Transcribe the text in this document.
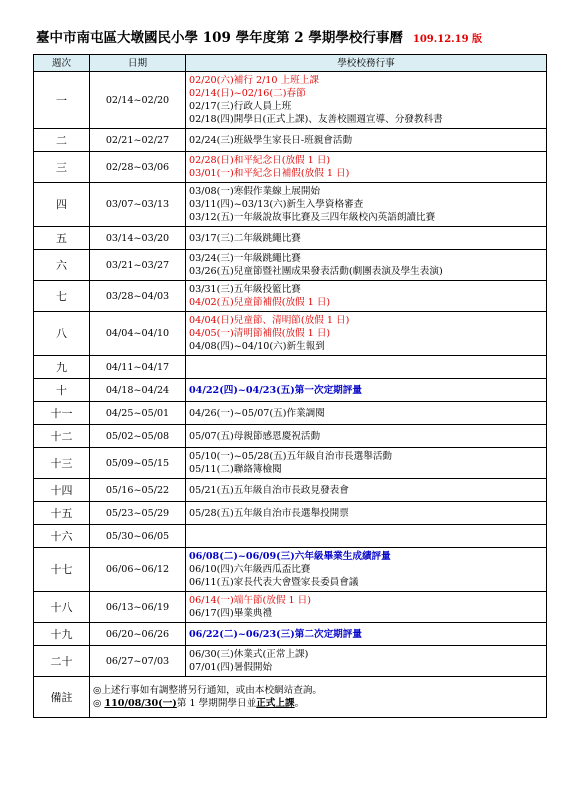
臺中市南屯區大墩國民小學 109 學年度第 2 學期學校行事曆 109.12.19 版
週次	日期	學校校務行事
一	02/14~02/20	02/20(六)補行 2/10 上班上課
02/14(日)~02/16(二)春節
02/17(三)行政人員上班
02/18(四)開學日(正式上課)、友善校園週宣導、分發教科書

二	02/21~02/27	02/24(三)班級學生家長日-班親會活動

三	02/28~03/06	02/28(日)和平紀念日(放假 1 日)
03/01(一)和平紀念日補假(放假 1 日)

四	03/07~03/13	03/08(一)寒假作業線上展開始
03/11(四)~03/13(六)新生入學資格審查
03/12(五)一年級說故事比賽及三四年級校內英語朗讀比賽

五	03/14~03/20	03/17(三)二年級跳繩比賽

六	03/21~03/27	03/24(三)一年級跳繩比賽
03/26(五)兒童節暨社團成果發表活動(劇團表演及學生表演)

七	03/28~04/03	03/31(三)五年級投籃比賽
04/02(五)兒童節補假(放假 1 日)

八	04/04~04/10	04/04(日)兒童節、清明節(放假 1 日)
04/05(一)清明節補假(放假 1 日)
04/08(四)~04/10(六)新生報到

九	04/11~04/17	
十	04/18~04/24	04/22(四)~04/23(五)第一次定期評量

十一	04/25~05/01	04/26(一)~05/07(五)作業調閱

十二	05/02~05/08	05/07(五)母親節感恩慶祝活動

十三	05/09~05/15	05/10(一)~05/28(五)五年級自治市長選舉活動
05/11(二)聯絡簿檢閱

十四	05/16~05/22	05/21(五)五年級自治市長政見發表會

十五	05/23~05/29	05/28(五)五年級自治市長選舉投開票

十六	05/30~06/05	
十七	06/06~06/12	06/08(二)~06/09(三)六年級畢業生成績評量
06/10(四)六年級西瓜盃比賽
06/11(五)家長代表大會暨家長委員會議

十八	06/13~06/19	06/14(一)端午節(放假 1 日)
06/17(四)畢業典禮

十九	06/20~06/26	06/22(二)~06/23(三)第二次定期評量

二十	06/27~07/03	06/30(三)休業式(正常上課)
07/01(四)暑假開始

備註	◎上述行事如有調整將另行通知，或由本校網站查詢。
◎ 110/08/30(一)第 1 學期開學日並正式上課。	
